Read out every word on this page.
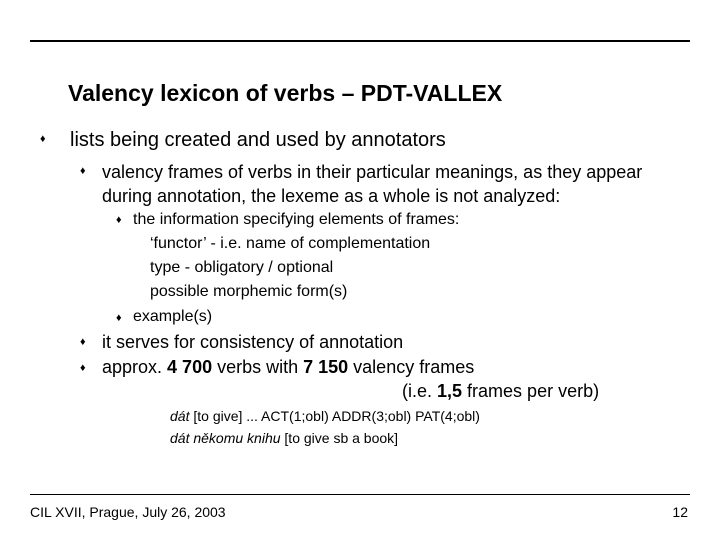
Valency lexicon of verbs – PDT-VALLEX
♦ lists being created and used by annotators
♦ valency frames of verbs in their particular meanings, as they appear
during annotation, the lexeme as a whole is not analyzed:
♦ the information specifying elements of frames:
‘functor’ - i.e. name of complementation
type - obligatory / optional
possible morphemic form(s)
♦ example(s)
♦ it serves for consistency of annotation
♦ approx. 4 700 verbs with 7 150 valency frames
(i.e. 1,5 frames per verb)
dát [to give] ... ACT(1;obl) ADDR(3;obl) PAT(4;obl)
dát někomu knihu [to give sb a book]
CIL XVII, Prague, July 26, 2003	12
